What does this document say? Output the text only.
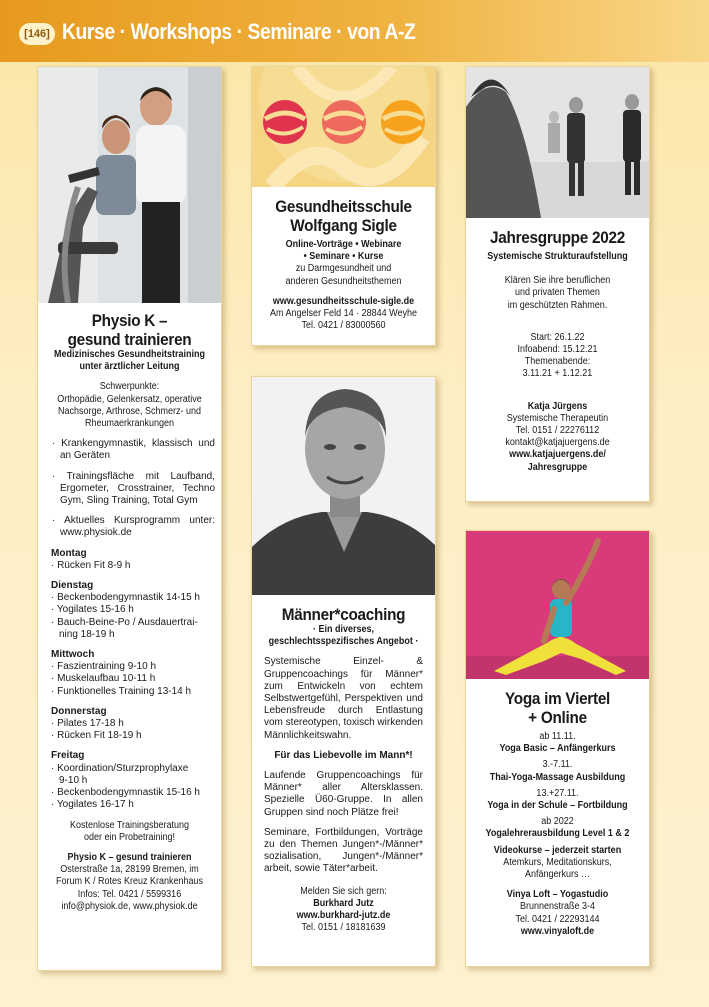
[146] Kurse · Workshops · Seminare · von A-Z
Physio K –
gesund trainieren
Medizinisches Gesundheitstraining
unter ärztlicher Leitung
Schwerpunkte:
Orthopädie, Gelenkersatz, operative
Nachsorge, Arthrose, Schmerz- und
Rheumaerkrankungen
· Krankengymnastik, klassisch und an Geräten
· Trainingsfläche mit Laufband, Ergometer, Crosstrainer, Techno Gym, Sling Training, Total Gym
· Aktuelles Kursprogramm unter: www.physiok.de
Montag
· Rücken Fit 8-9 h
Dienstag
· Beckenbodengymnastik 14-15 h
· Yogilates 15-16 h
· Bauch-Beine-Po / Ausdauertrai-
ning 18-19 h
Mittwoch
· Faszientraining 9-10 h
· Muskelaufbau 10-11 h
· Funktionelles Training 13-14 h
Donnerstag
· Pilates 17-18 h
· Rücken Fit 18-19 h
Freitag
· Koordination/Sturzprophylaxe
9-10 h
· Beckenbodengymnastik 15-16 h
· Yogilates 16-17 h
Kostenlose Trainingsberatung
oder ein Probetraining!
Physio K – gesund trainieren
Osterstraße 1a, 28199 Bremen, im
Forum K / Rotes Kreuz Krankenhaus
Infos: Tel. 0421 / 5599316
info@physiok.de, www.physiok.de
Gesundheitsschule
Wolfgang Sigle
Online-Vorträge • Webinare
• Seminare • Kurse
zu Darmgesundheit und
anderen Gesundheitsthemen
www.gesundheitsschule-sigle.de
Am Angelser Feld 14 · 28844 Weyhe
Tel. 0421 / 83000560
Männer*coaching
· Ein diverses,
geschlechtsspezifisches Angebot ·
Systemische Einzel- & Gruppencoachings für Männer* zum Entwickeln von echtem Selbstwertgefühl, Perspektiven und Lebensfreude durch Entlastung vom stereotypen, toxisch wirkenden Männlichkeitswahn.
Für das Liebevolle im Mann*!
Laufende Gruppencoachings für Männer* aller Altersklassen. Spezielle Ü60-Gruppe. In allen Gruppen sind noch Plätze frei!
Seminare, Fortbildungen, Vorträge zu den Themen Jungen*-/Männer* sozialisation, Jungen*-/Männer* arbeit, sowie Täter*arbeit.
Melden Sie sich gern:
Burkhard Jutz
www.burkhard-jutz.de
Tel. 0151 / 18181639
Jahresgruppe 2022
Systemische Strukturaufstellung
Klären Sie ihre beruflichen
und privaten Themen
im geschützten Rahmen.
Start: 26.1.22
Infoabend: 15.12.21
Themenabende:
3.11.21 + 1.12.21
Katja Jürgens
Systemische Therapeutin
Tel. 0151 / 22276112
kontakt@katjajuergens.de
www.katjajuergens.de/
Jahresgruppe
Yoga im Viertel
+ Online
ab 11.11.
Yoga Basic – Anfängerkurs
3.-7.11.
Thai-Yoga-Massage Ausbildung
13.+27.11.
Yoga in der Schule – Fortbildung
ab 2022
Yogalehrerausbildung Level 1 & 2
Videokurse – jederzeit starten
Atemkurs, Meditationskurs,
Anfängerkurs …
Vinya Loft – Yogastudio
Brunnenstraße 3-4
Tel. 0421 / 22293144
www.vinyaloft.de
